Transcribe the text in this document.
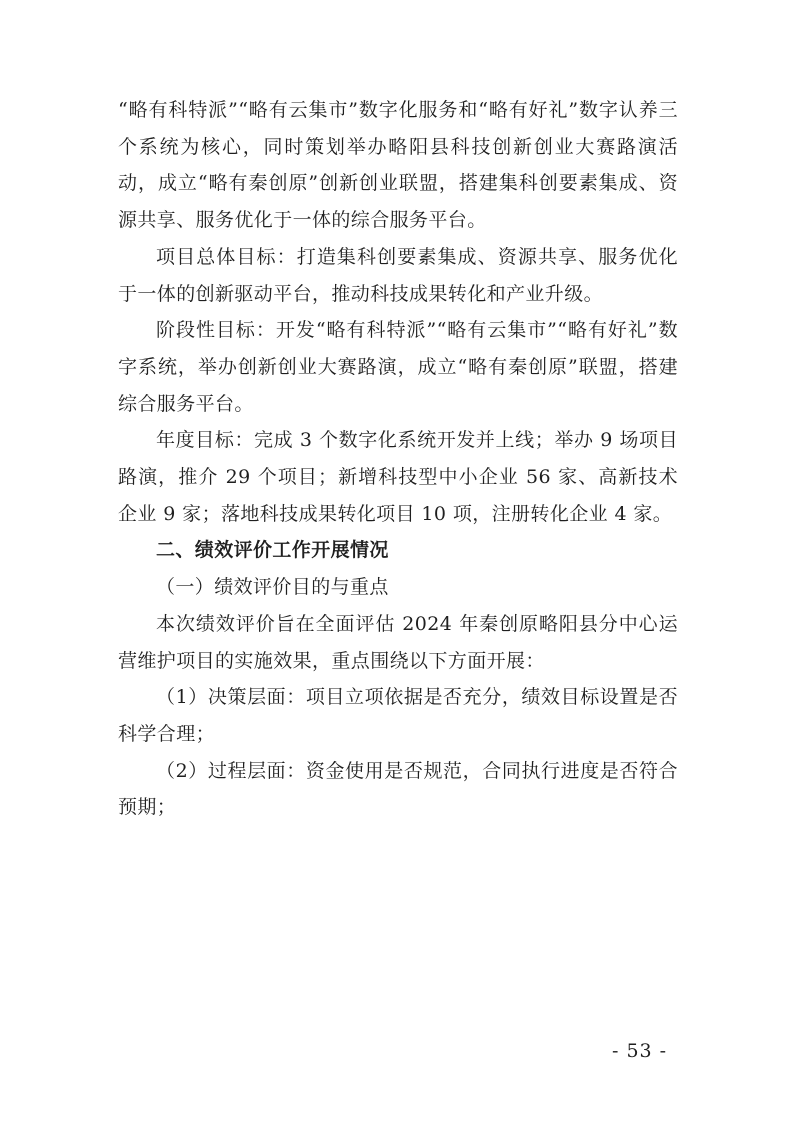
“略有科特派”“略有云集市”数字化服务和“略有好礼”数字认养三个系统为核心，同时策划举办略阳县科技创新创业大赛路演活动，成立“略有秦创原”创新创业联盟，搭建集科创要素集成、资源共享、服务优化于一体的综合服务平台。

项目总体目标：打造集科创要素集成、资源共享、服务优化于一体的创新驱动平台，推动科技成果转化和产业升级。

阶段性目标：开发“略有科特派”“略有云集市”“略有好礼”数字系统，举办创新创业大赛路演，成立“略有秦创原”联盟，搭建综合服务平台。

年度目标：完成 3 个数字化系统开发并上线；举办 9 场项目路演，推介 29 个项目；新增科技型中小企业 56 家、高新技术企业 9 家；落地科技成果转化项目 10 项，注册转化企业 4 家。

二、绩效评价工作开展情况

（一）绩效评价目的与重点

本次绩效评价旨在全面评估 2024 年秦创原略阳县分中心运营维护项目的实施效果，重点围绕以下方面开展：

（1）决策层面：项目立项依据是否充分，绩效目标设置是否科学合理；

（2）过程层面：资金使用是否规范，合同执行进度是否符合预期；

- 53 -
